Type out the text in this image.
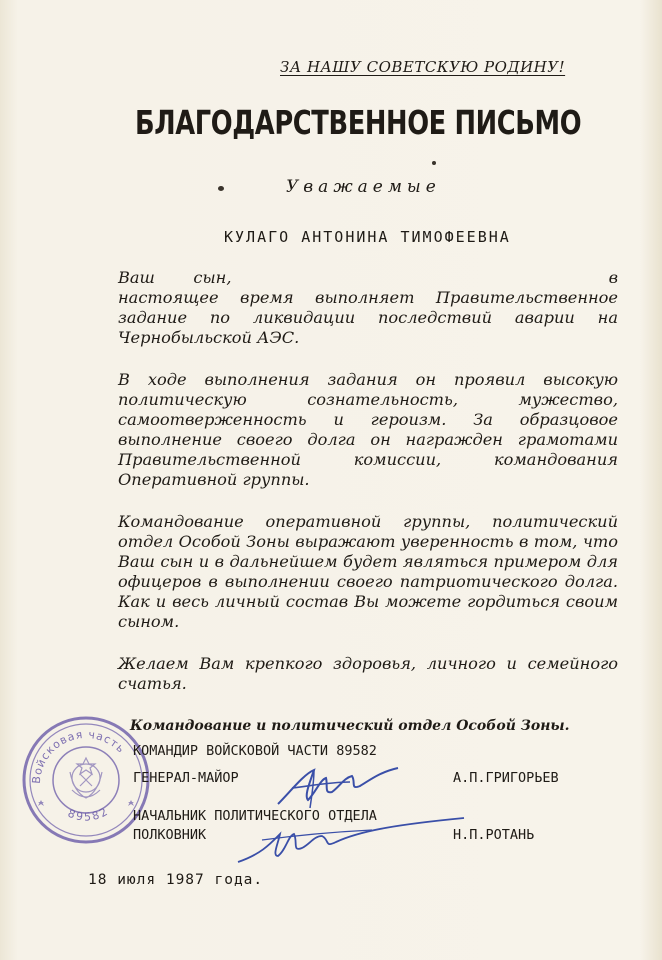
ЗА НАШУ СОВЕТСКУЮ РОДИНУ!
БЛАГОДАРСТВЕННОЕ ПИСЬМО
Уважаемые
КУЛАГО АНТОНИНА ТИМОФЕЕВНА
Ваш сын,	в настоящее время выполняет Правительственное задание по ликвидации последствий аварии на Чернобыльской АЭС.
В ходе выполнения задания он проявил высокую политическую сознательность, мужество, самоотверженность и героизм. За образцовое выполнение своего долга он награжден грамотами Правительственной комиссии, командования Оперативной группы.
Командование оперативной группы, политический отдел Особой Зоны выражают уверенность в том, что Ваш сын и в дальнейшем будет являться примером для офицеров в выполнении своего патриотического долга. Как и весь личный состав Вы можете гордиться своим сыном.
Желаем Вам крепкого здоровья, личного и семейного счатья.
Войсковая часть
89582
Командование и политический отдел Особой Зоны.
КОМАНДИР ВОЙСКОВОЙ ЧАСТИ 89582
ГЕНЕРАЛ-МАЙОР	А.П.ГРИГОРЬЕВ
НАЧАЛЬНИК ПОЛИТИЧЕСКОГО ОТДЕЛА
ПОЛКОВНИК	Н.П.РОТАНЬ
18 июля 1987 года.
